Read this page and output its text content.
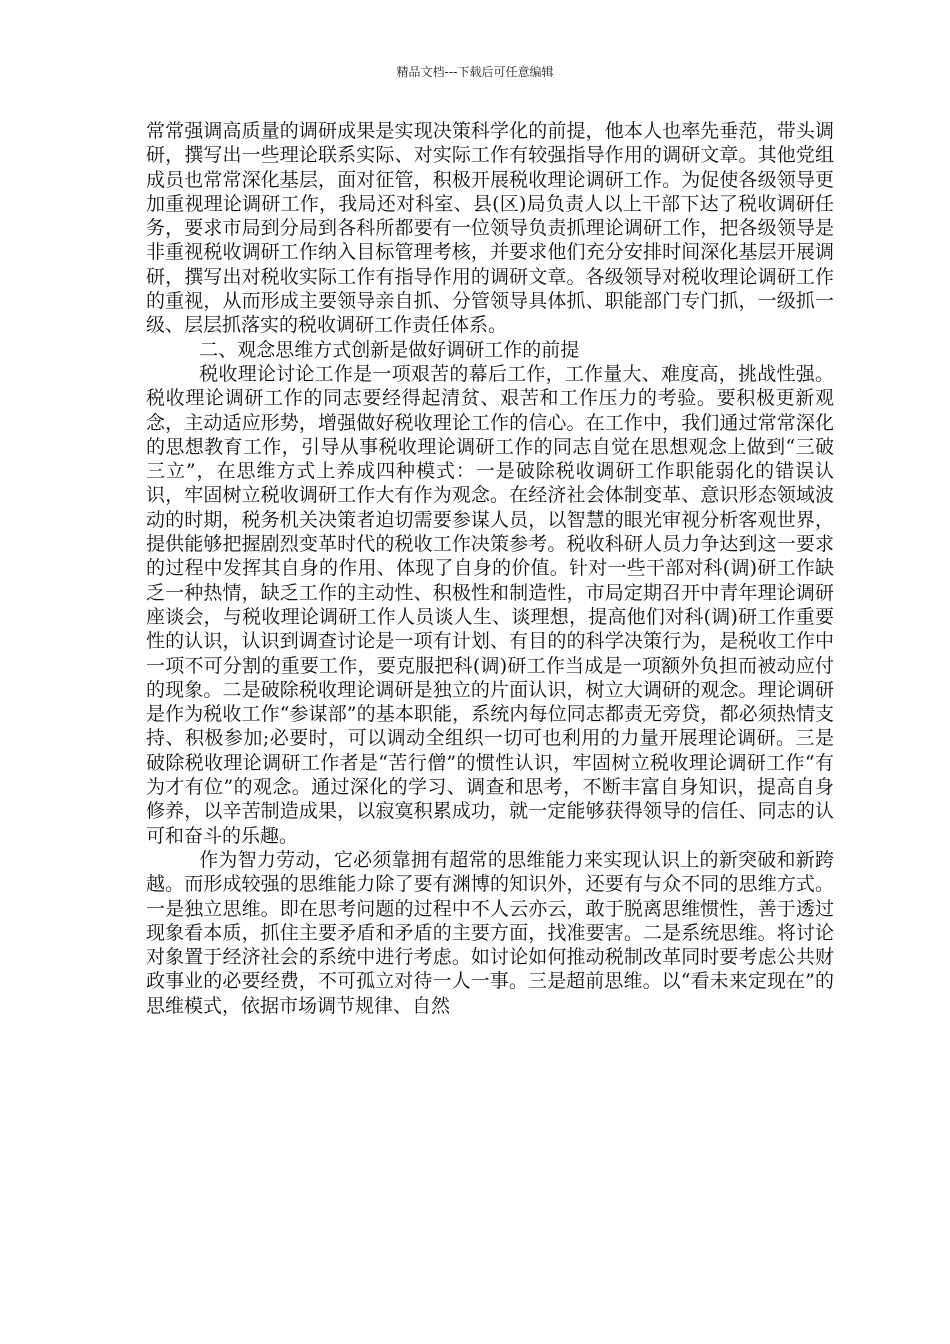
精品文档---下载后可任意编辑

常常强调高质量的调研成果是实现决策科学化的前提，他本人也率先垂范，带头调研，撰写出一些理论联系实际、对实际工作有较强指导作用的调研文章。其他党组成员也常常深化基层，面对征管，积极开展税收理论调研工作。为促使各级领导更加重视理论调研工作，我局还对科室、县(区)局负责人以上干部下达了税收调研任务，要求市局到分局到各科所都要有一位领导负责抓理论调研工作，把各级领导是非重视税收调研工作纳入目标管理考核，并要求他们充分安排时间深化基层开展调研，撰写出对税收实际工作有指导作用的调研文章。各级领导对税收理论调研工作的重视，从而形成主要领导亲自抓、分管领导具体抓、职能部门专门抓，一级抓一级、层层抓落实的税收调研工作责任体系。

二、观念思维方式创新是做好调研工作的前提

税收理论讨论工作是一项艰苦的幕后工作，工作量大、难度高，挑战性强。税收理论调研工作的同志要经得起清贫、艰苦和工作压力的考验。要积极更新观念，主动适应形势，增强做好税收理论工作的信心。在工作中，我们通过常常深化的思想教育工作，引导从事税收理论调研工作的同志自觉在思想观念上做到“三破三立”，在思维方式上养成四种模式：一是破除税收调研工作职能弱化的错误认识，牢固树立税收调研工作大有作为观念。在经济社会体制变革、意识形态领域波动的时期，税务机关决策者迫切需要参谋人员，以智慧的眼光审视分析客观世界，提供能够把握剧烈变革时代的税收工作决策参考。税收科研人员力争达到这一要求的过程中发挥其自身的作用、体现了自身的价值。针对一些干部对科(调)研工作缺乏一种热情，缺乏工作的主动性、积极性和制造性，市局定期召开中青年理论调研座谈会，与税收理论调研工作人员谈人生、谈理想，提高他们对科(调)研工作重要性的认识，认识到调查讨论是一项有计划、有目的的科学决策行为，是税收工作中一项不可分割的重要工作，要克服把科(调)研工作当成是一项额外负担而被动应付的现象。二是破除税收理论调研是独立的片面认识，树立大调研的观念。理论调研是作为税收工作“参谋部”的基本职能，系统内每位同志都责无旁贷，都必须热情支持、积极参加;必要时，可以调动全组织一切可也利用的力量开展理论调研。三是破除税收理论调研工作者是“苦行僧”的惯性认识，牢固树立税收理论调研工作“有为才有位”的观念。通过深化的学习、调查和思考，不断丰富自身知识，提高自身修养，以辛苦制造成果，以寂寞积累成功，就一定能够获得领导的信任、同志的认可和奋斗的乐趣。

作为智力劳动，它必须靠拥有超常的思维能力来实现认识上的新突破和新跨越。而形成较强的思维能力除了要有渊博的知识外，还要有与众不同的思维方式。一是独立思维。即在思考问题的过程中不人云亦云，敢于脱离思维惯性，善于透过现象看本质，抓住主要矛盾和矛盾的主要方面，找准要害。二是系统思维。将讨论对象置于经济社会的系统中进行考虑。如讨论如何推动税制改革同时要考虑公共财政事业的必要经费，不可孤立对待一人一事。三是超前思维。以“看未来定现在”的思维模式，依据市场调节规律、自然
